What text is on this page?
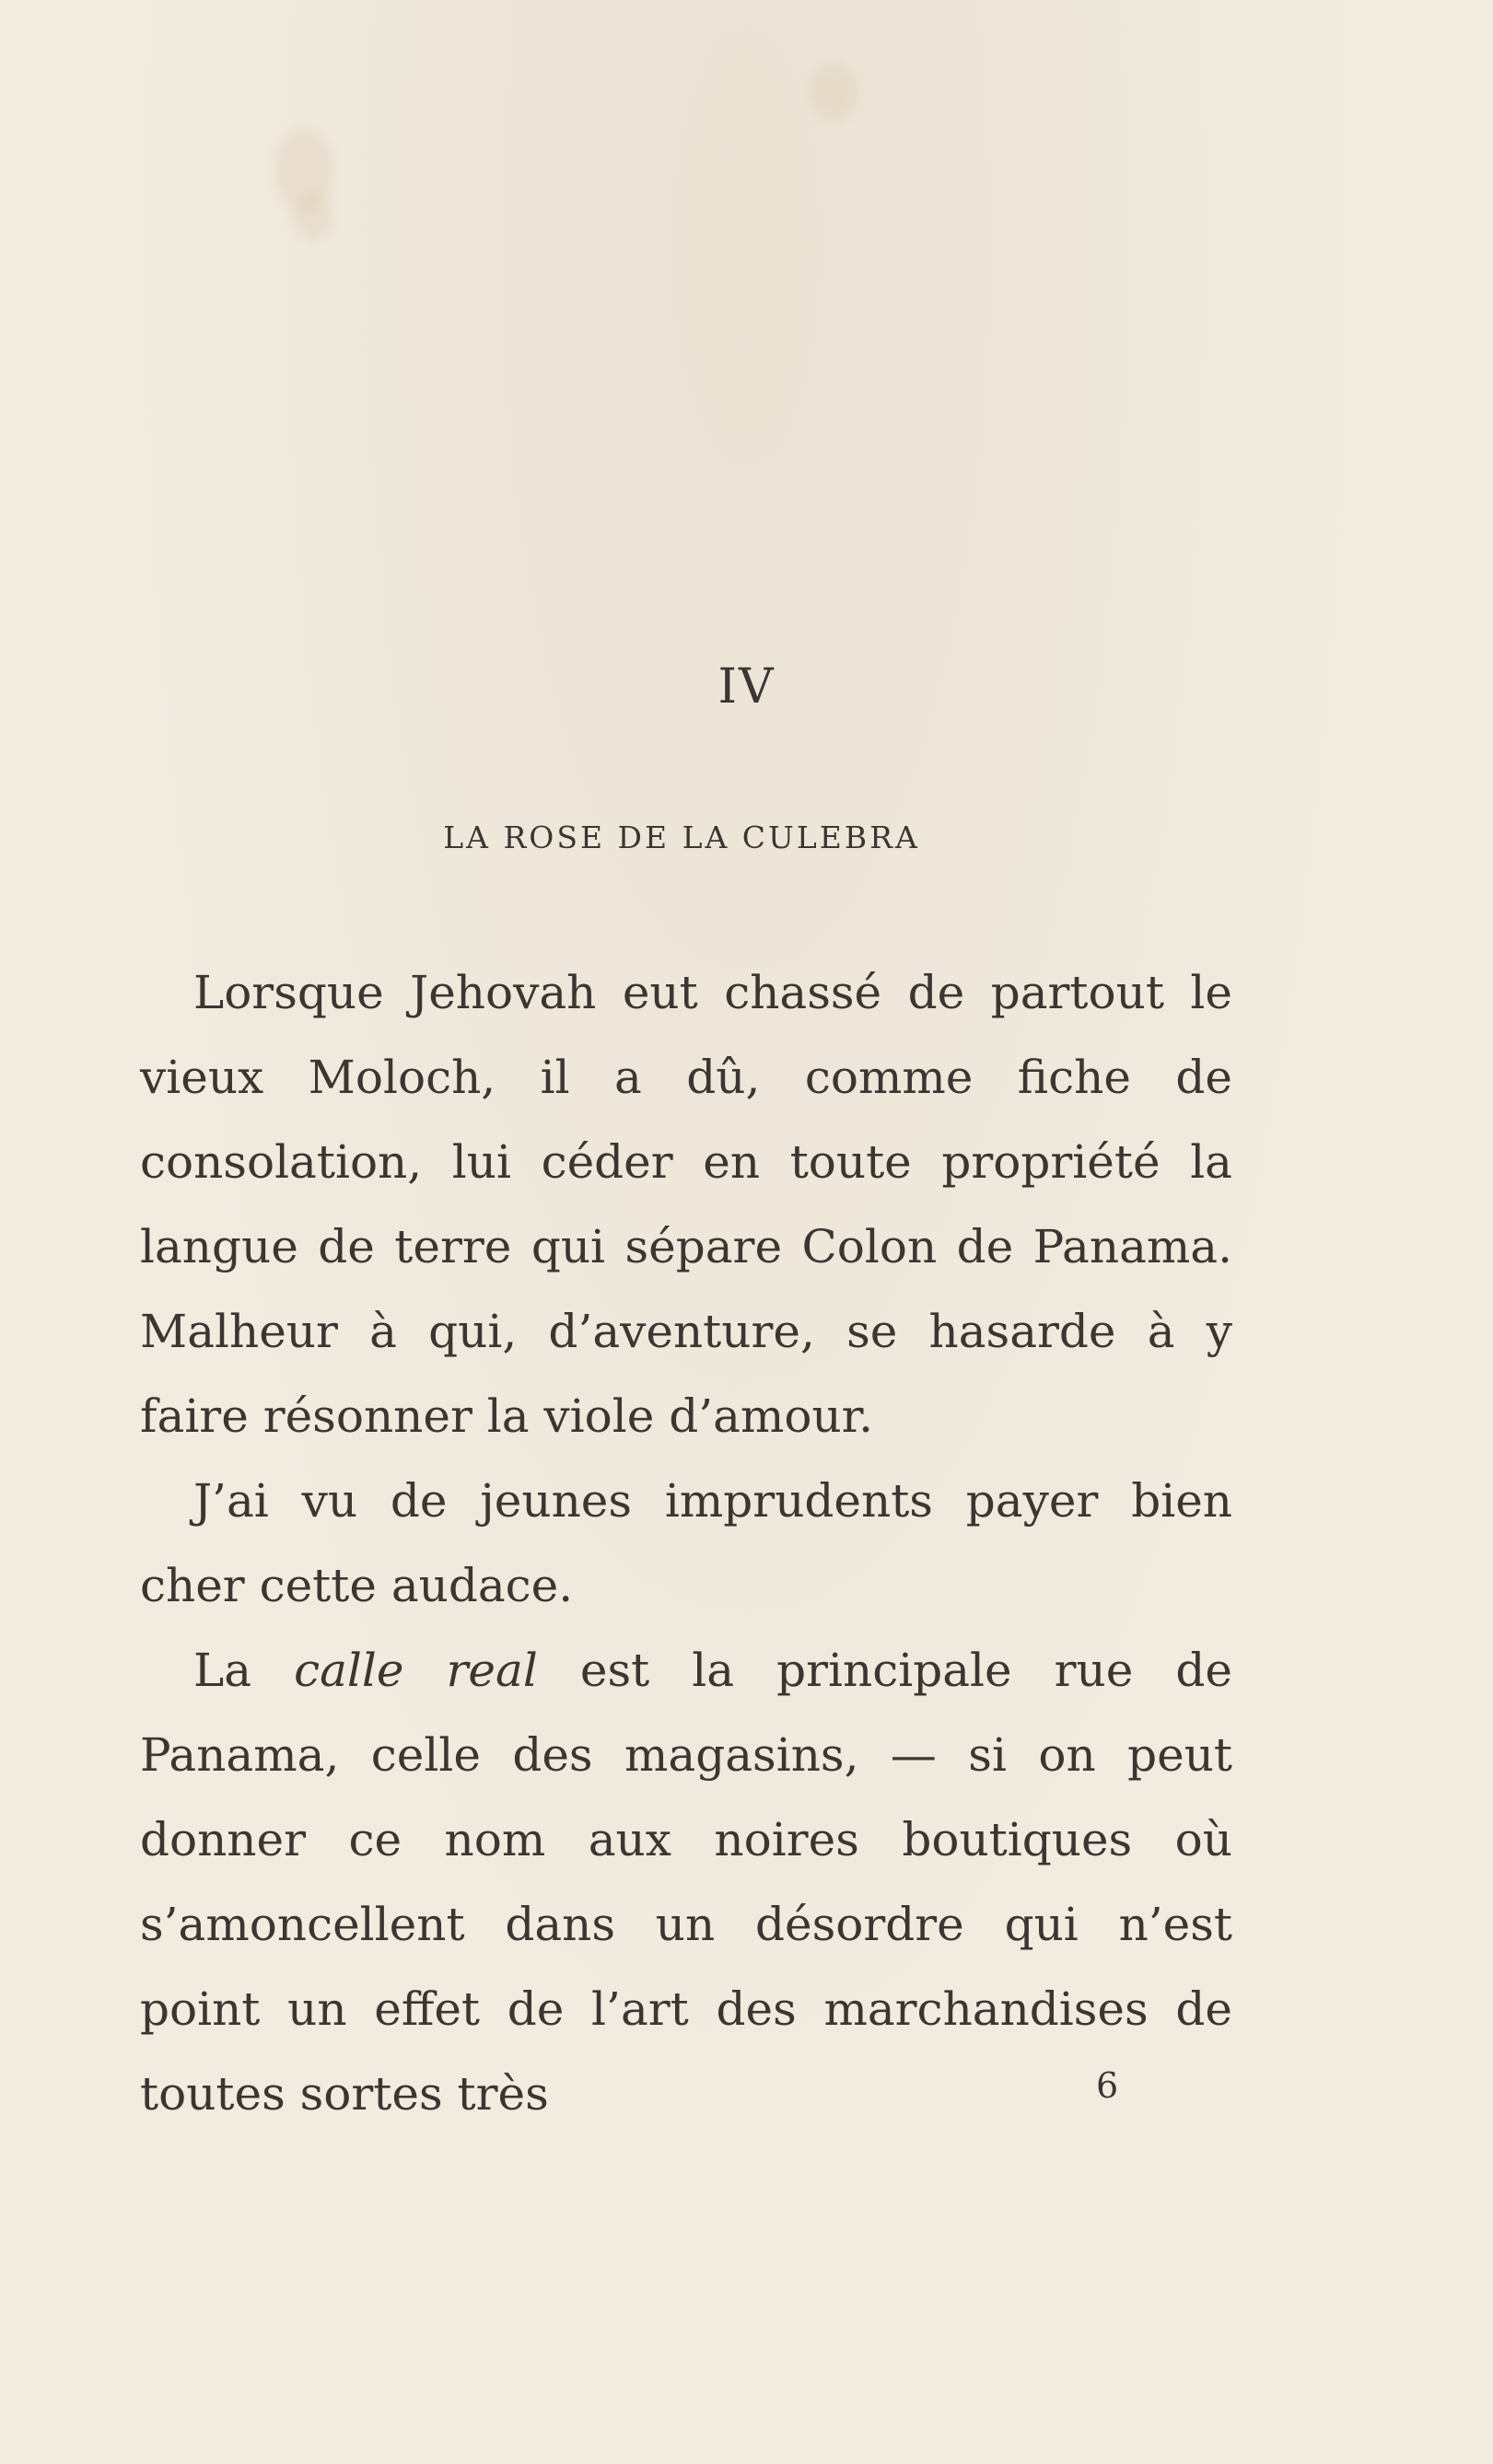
IV
LA ROSE DE LA CULEBRA

Lorsque Jehovah eut chassé de partout le vieux Moloch, il a dû, comme fiche de consolation, lui céder en toute propriété la langue de terre qui sépare Colon de Panama. Malheur à qui, d’aventure, se hasarde à y faire résonner la viole d’amour.

J’ai vu de jeunes imprudents payer bien cher cette audace.

La calle real est la principale rue de Panama, celle des magasins, — si on peut donner ce nom aux noires boutiques où s’amoncellent dans un désordre qui n’est point un effet de l’art des marchandises de toutes sortes très	6
